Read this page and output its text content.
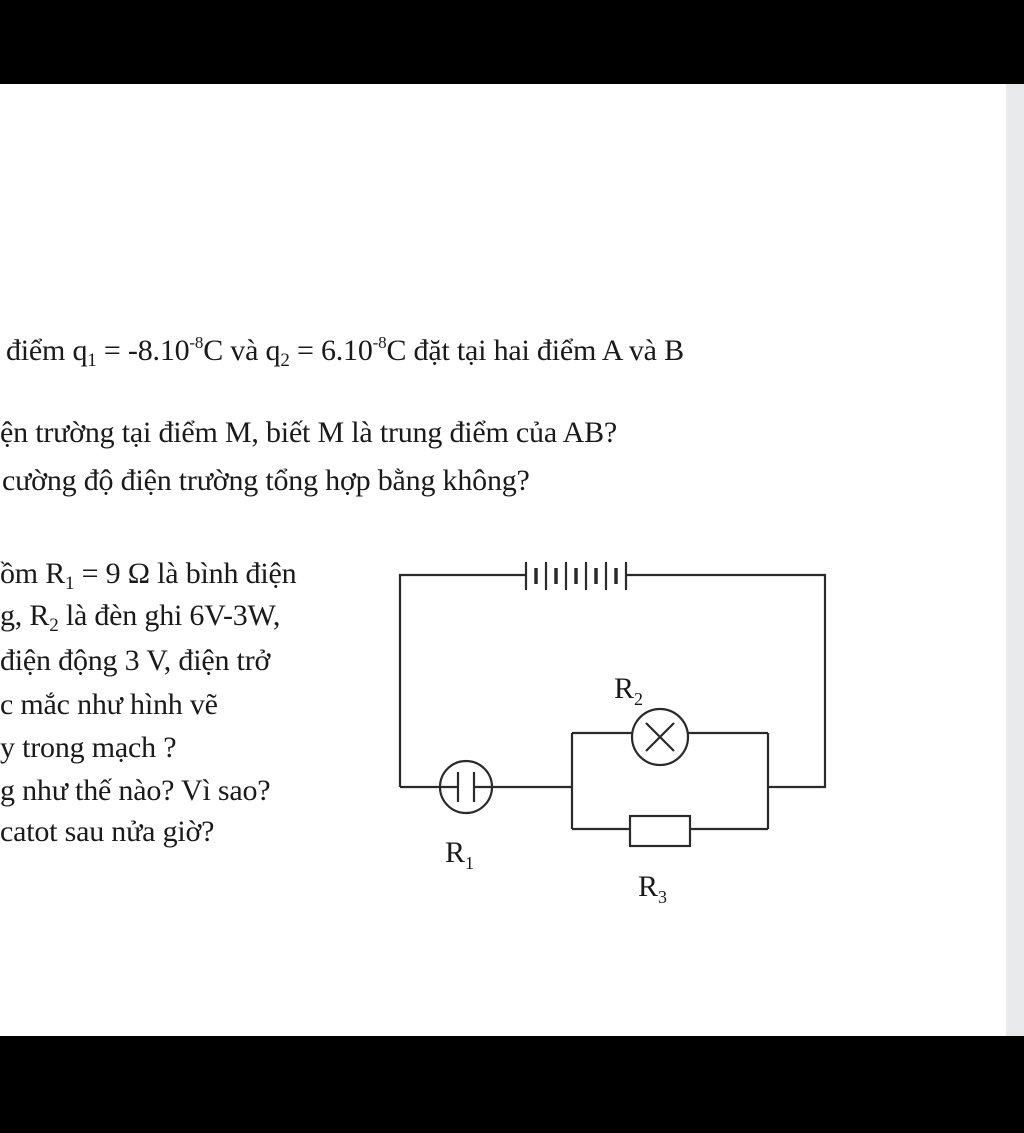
điểm $q_1 = -8.10^{-8}C$ và $q_2 = 6.10^{-8}C$ đặt tại hai điểm A và B
ện trường tại điểm M, biết M là trung điểm của AB?
cường độ điện trường tổng hợp bằng không?
ồm $R_1 = 9$ Ω là bình điện
g, $R_2$ là đèn ghi 6V-3W,
điện động 3 V, điện trở
c mắc như hình vẽ
y trong mạch ?
g như thế nào? Vì sao?
catot sau nửa giờ?
$R_1$
$R_2$
$R_3$
